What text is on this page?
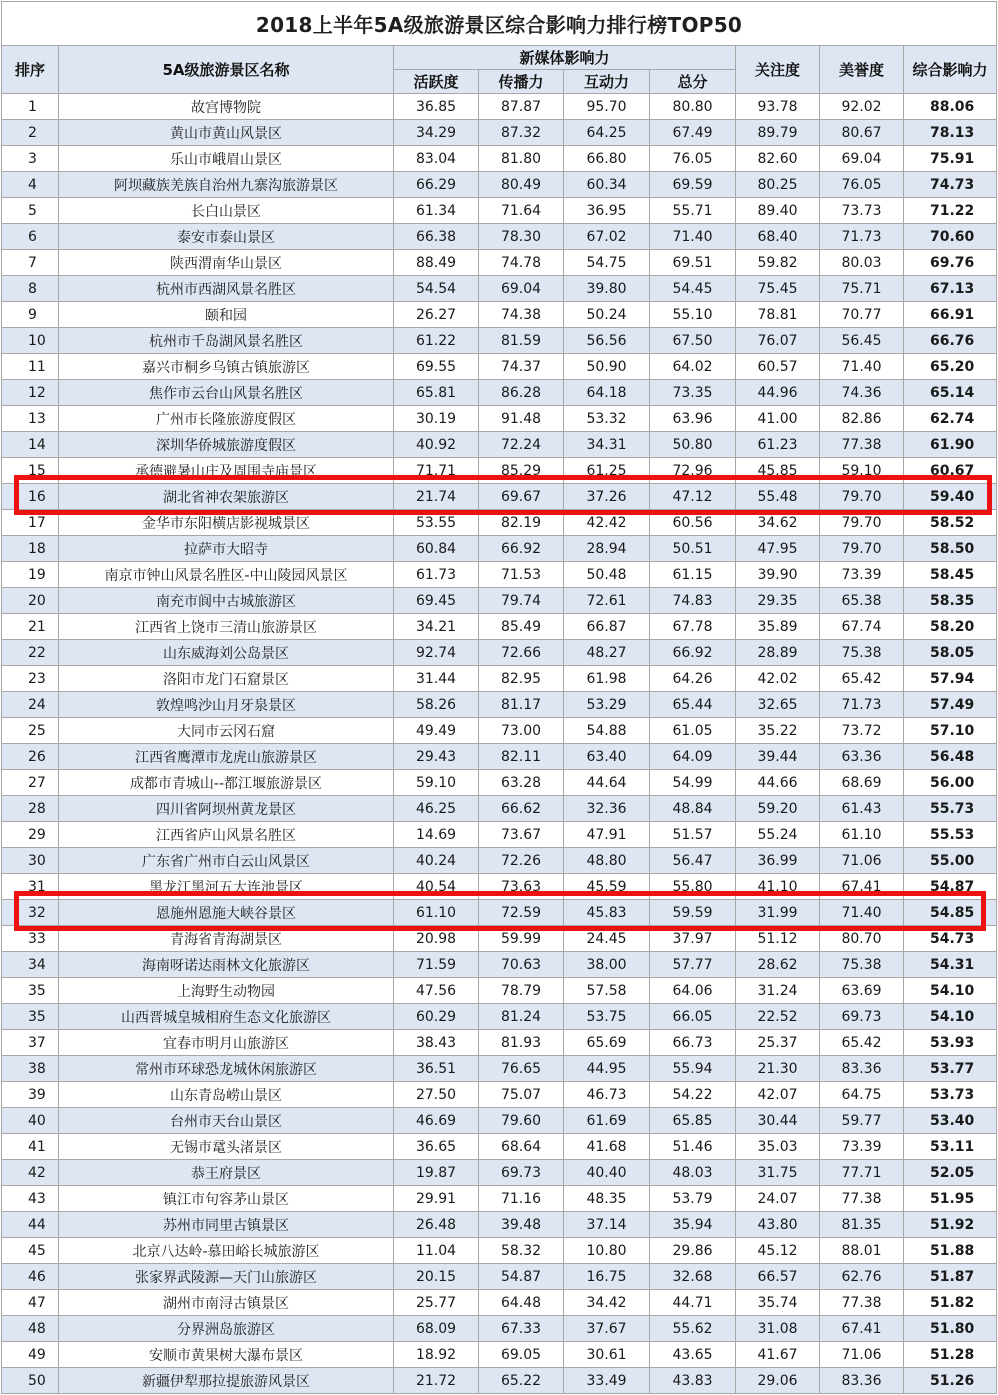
2018上半年5A级旅游景区综合影响力排行榜TOP50								
排序	5A级旅游景区名称	新媒体影响力				关注度	美誉度	综合影响力
		活跃度	传播力	互动力	总分			
1	故宫博物院	36.85	87.87	95.70	80.80	93.78	92.02	88.06
2	黄山市黄山风景区	34.29	87.32	64.25	67.49	89.79	80.67	78.13
3	乐山市峨眉山景区	83.04	81.80	66.80	76.05	82.60	69.04	75.91
4	阿坝藏族羌族自治州九寨沟旅游景区	66.29	80.49	60.34	69.59	80.25	76.05	74.73
5	长白山景区	61.34	71.64	36.95	55.71	89.40	73.73	71.22
6	泰安市泰山景区	66.38	78.30	67.02	71.40	68.40	71.73	70.60
7	陕西渭南华山景区	88.49	74.78	54.75	69.51	59.82	80.03	69.76
8	杭州市西湖风景名胜区	54.54	69.04	39.80	54.45	75.45	75.71	67.13
9	颐和园	26.27	74.38	50.24	55.10	78.81	70.77	66.91
10	杭州市千岛湖风景名胜区	61.22	81.59	56.56	67.50	76.07	56.45	66.76
11	嘉兴市桐乡乌镇古镇旅游区	69.55	74.37	50.90	64.02	60.57	71.40	65.20
12	焦作市云台山风景名胜区	65.81	86.28	64.18	73.35	44.96	74.36	65.14
13	广州市长隆旅游度假区	30.19	91.48	53.32	63.96	41.00	82.86	62.74
14	深圳华侨城旅游度假区	40.92	72.24	34.31	50.80	61.23	77.38	61.90
15	承德避暑山庄及周围寺庙景区	71.71	85.29	61.25	72.96	45.85	59.10	60.67
16	湖北省神农架旅游区	21.74	69.67	37.26	47.12	55.48	79.70	59.40
17	金华市东阳横店影视城景区	53.55	82.19	42.42	60.56	34.62	79.70	58.52
18	拉萨市大昭寺	60.84	66.92	28.94	50.51	47.95	79.70	58.50
19	南京市钟山风景名胜区-中山陵园风景区	61.73	71.53	50.48	61.15	39.90	73.39	58.45
20	南充市阆中古城旅游区	69.45	79.74	72.61	74.83	29.35	65.38	58.35
21	江西省上饶市三清山旅游景区	34.21	85.49	66.87	67.78	35.89	67.74	58.20
22	山东威海刘公岛景区	92.74	72.66	48.27	66.92	28.89	75.38	58.05
23	洛阳市龙门石窟景区	31.44	82.95	61.98	64.26	42.02	65.42	57.94
24	敦煌鸣沙山月牙泉景区	58.26	81.17	53.29	65.44	32.65	71.73	57.49
25	大同市云冈石窟	49.49	73.00	54.88	61.05	35.22	73.72	57.10
26	江西省鹰潭市龙虎山旅游景区	29.43	82.11	63.40	64.09	39.44	63.36	56.48
27	成都市青城山--都江堰旅游景区	59.10	63.28	44.64	54.99	44.66	68.69	56.00
28	四川省阿坝州黄龙景区	46.25	66.62	32.36	48.84	59.20	61.43	55.73
29	江西省庐山风景名胜区	14.69	73.67	47.91	51.57	55.24	61.10	55.53
30	广东省广州市白云山风景区	40.24	72.26	48.80	56.47	36.99	71.06	55.00
31	黑龙江黑河五大连池景区	40.54	73.63	45.59	55.80	41.10	67.41	54.87
32	恩施州恩施大峡谷景区	61.10	72.59	45.83	59.59	31.99	71.40	54.85
33	青海省青海湖景区	20.98	59.99	24.45	37.97	51.12	80.70	54.73
34	海南呀诺达雨林文化旅游区	71.59	70.63	38.00	57.77	28.62	75.38	54.31
35	上海野生动物园	47.56	78.79	57.58	64.06	31.24	63.69	54.10
35	山西晋城皇城相府生态文化旅游区	60.29	81.24	53.75	66.05	22.52	69.73	54.10
37	宜春市明月山旅游区	38.43	81.93	65.69	66.73	25.37	65.42	53.93
38	常州市环球恐龙城休闲旅游区	36.51	76.65	44.95	55.94	21.30	83.36	53.77
39	山东青岛崂山景区	27.50	75.07	46.73	54.22	42.07	64.75	53.73
40	台州市天台山景区	46.69	79.60	61.69	65.85	30.44	59.77	53.40
41	无锡市鼋头渚景区	36.65	68.64	41.68	51.46	35.03	73.39	53.11
42	恭王府景区	19.87	69.73	40.40	48.03	31.75	77.71	52.05
43	镇江市句容茅山景区	29.91	71.16	48.35	53.79	24.07	77.38	51.95
44	苏州市同里古镇景区	26.48	39.48	37.14	35.94	43.80	81.35	51.92
45	北京八达岭-慕田峪长城旅游区	11.04	58.32	10.80	29.86	45.12	88.01	51.88
46	张家界武陵源—天门山旅游区	20.15	54.87	16.75	32.68	66.57	62.76	51.87
47	湖州市南浔古镇景区	25.77	64.48	34.42	44.71	35.74	77.38	51.82
48	分界洲岛旅游区	68.09	67.33	37.67	55.62	31.08	67.41	51.80
49	安顺市黄果树大瀑布景区	18.92	69.05	30.61	43.65	41.67	71.06	51.28
50	新疆伊犁那拉提旅游风景区	21.72	65.22	33.49	43.83	29.06	83.36	51.26
